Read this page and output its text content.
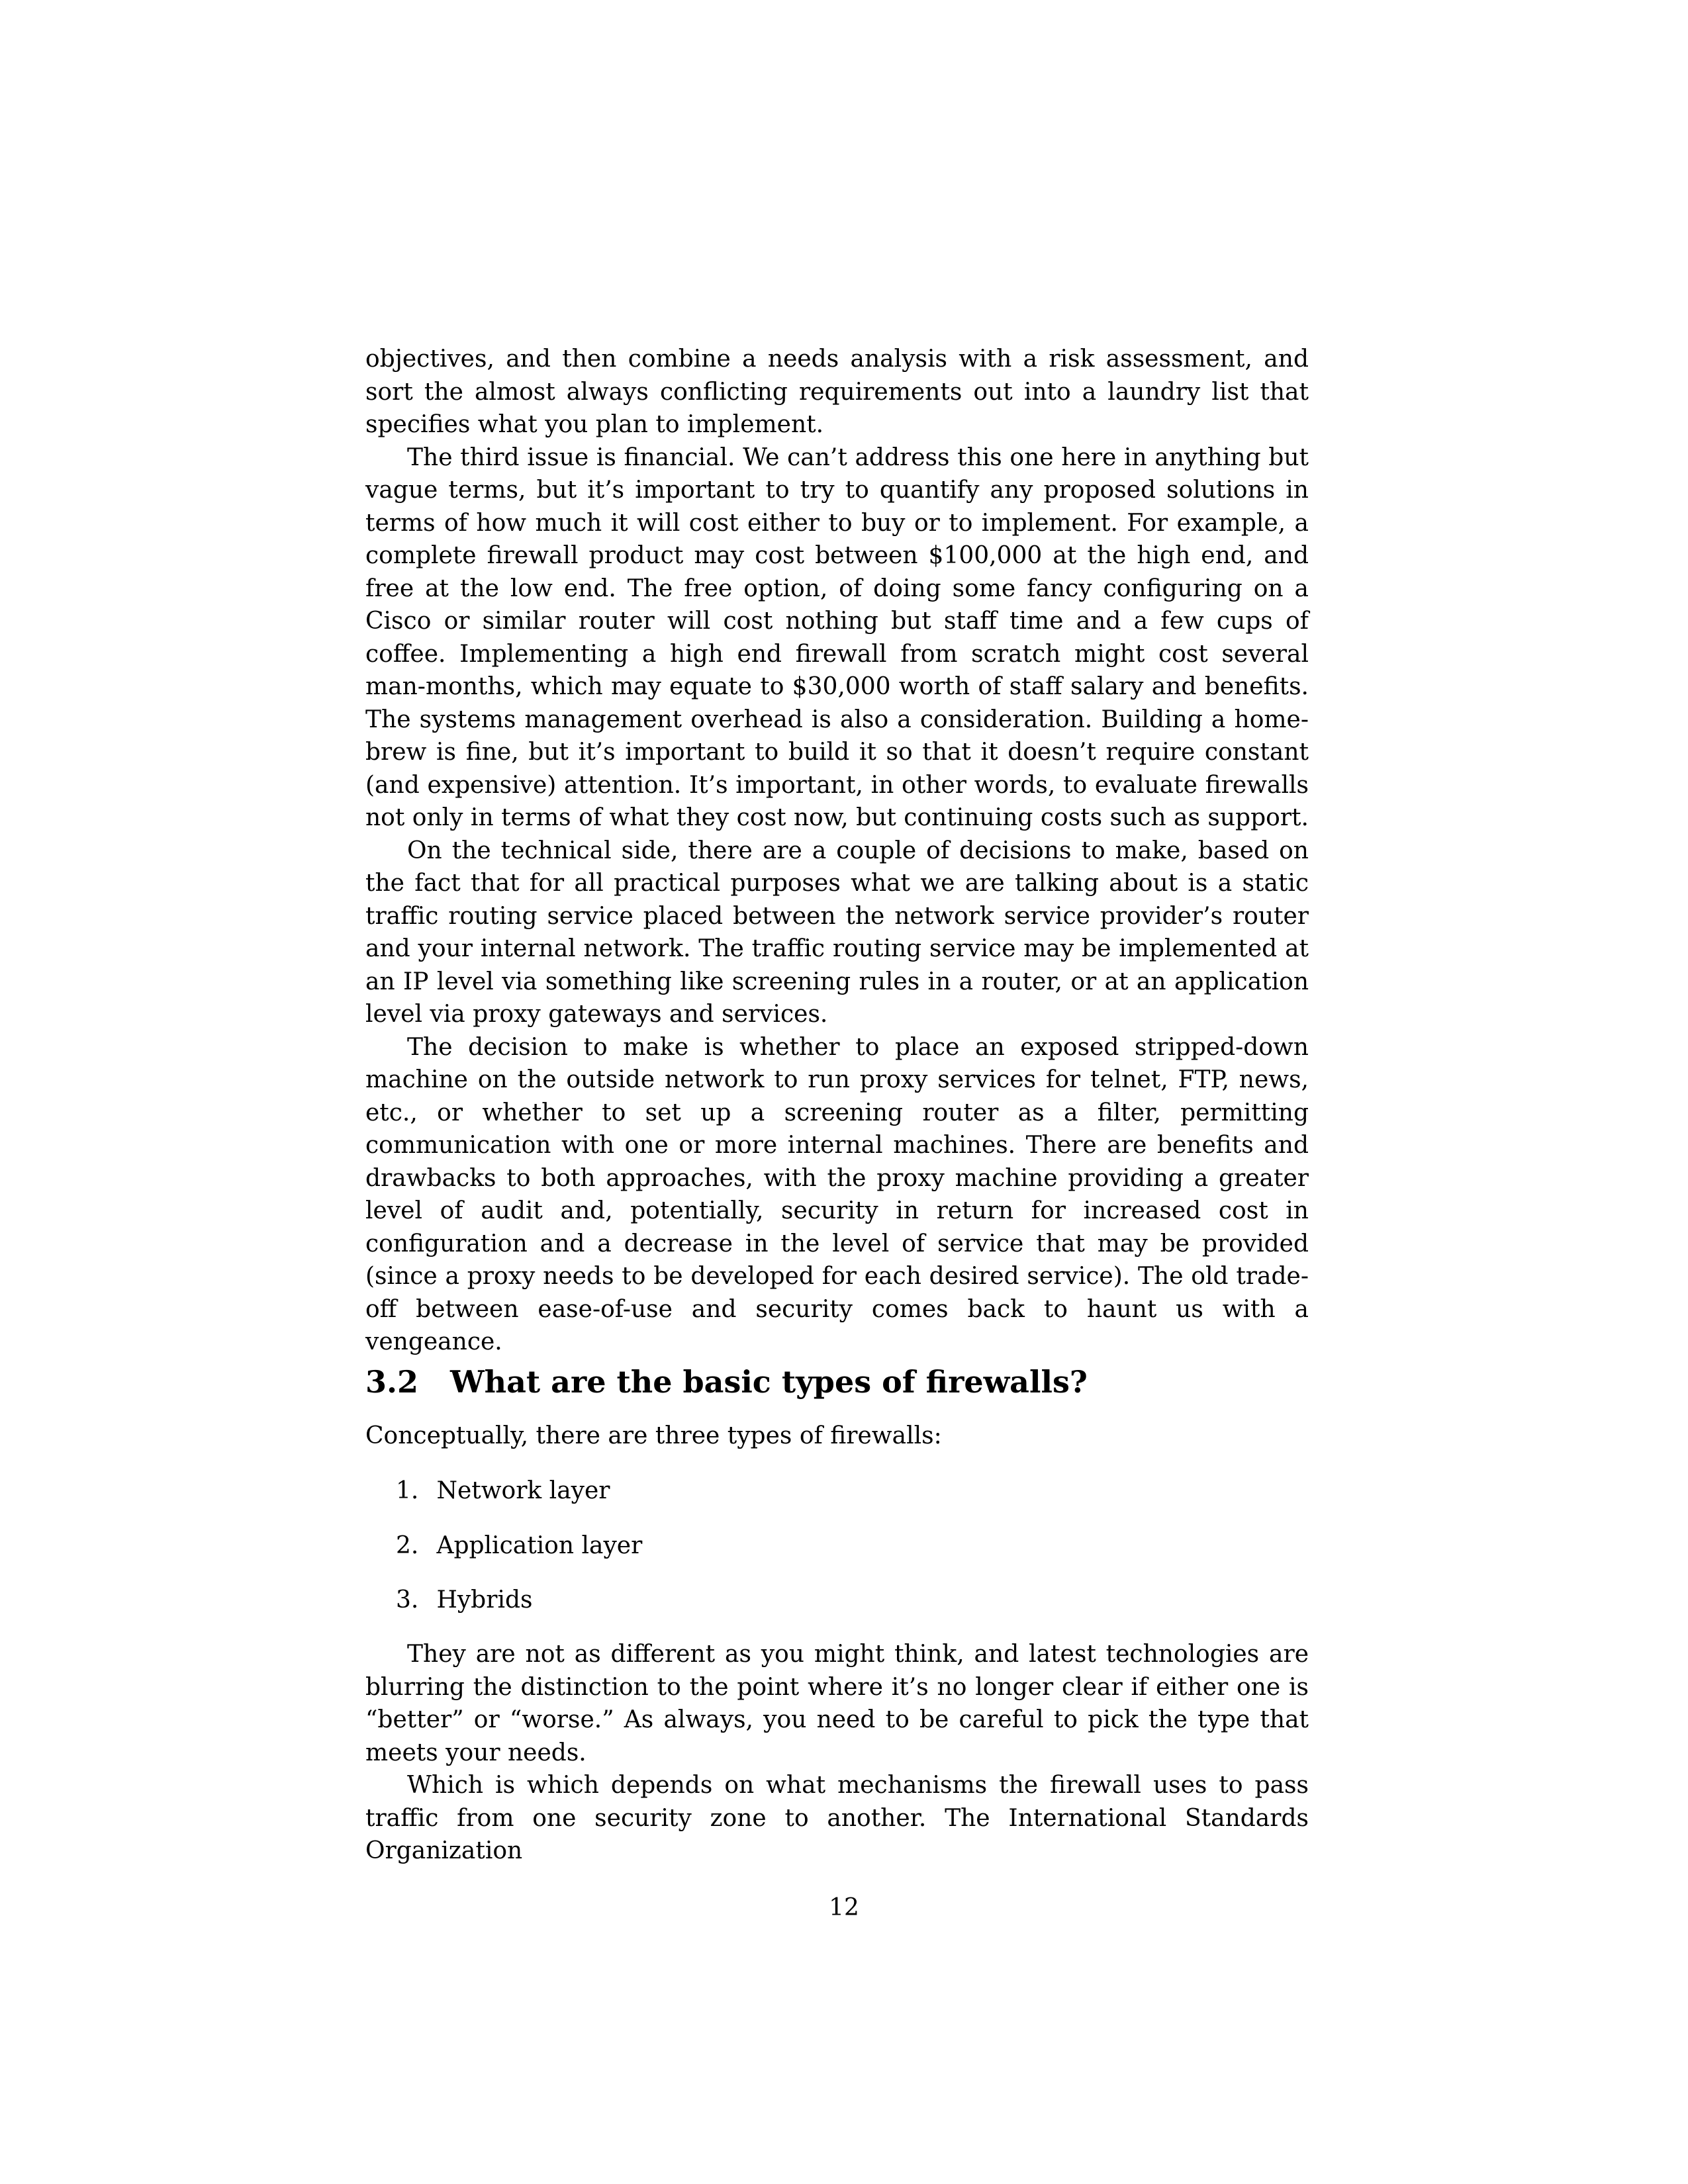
objectives, and then combine a needs analysis with a risk assessment, and sort the almost always conflicting requirements out into a laundry list that specifies what you plan to implement.

The third issue is financial. We can’t address this one here in anything but vague terms, but it’s important to try to quantify any proposed solutions in terms of how much it will cost either to buy or to implement. For example, a complete firewall product may cost between $100,000 at the high end, and free at the low end. The free option, of doing some fancy configuring on a Cisco or similar router will cost nothing but staff time and a few cups of coffee. Implementing a high end firewall from scratch might cost several man-months, which may equate to $30,000 worth of staff salary and benefits. The systems management overhead is also a consideration. Building a home-brew is fine, but it’s important to build it so that it doesn’t require constant (and expensive) attention. It’s important, in other words, to evaluate firewalls not only in terms of what they cost now, but continuing costs such as support.

On the technical side, there are a couple of decisions to make, based on the fact that for all practical purposes what we are talking about is a static traffic routing service placed between the network service provider’s router and your internal network. The traffic routing service may be implemented at an IP level via something like screening rules in a router, or at an application level via proxy gateways and services.

The decision to make is whether to place an exposed stripped-down machine on the outside network to run proxy services for telnet, FTP, news, etc., or whether to set up a screening router as a filter, permitting communication with one or more internal machines. There are benefits and drawbacks to both approaches, with the proxy machine providing a greater level of audit and, potentially, security in return for increased cost in configuration and a decrease in the level of service that may be provided (since a proxy needs to be developed for each desired service). The old trade-off between ease-of-use and security comes back to haunt us with a vengeance.

3.2 What are the basic types of firewalls?

Conceptually, there are three types of firewalls:

1. Network layer
2. Application layer
3. Hybrids

They are not as different as you might think, and latest technologies are blurring the distinction to the point where it’s no longer clear if either one is “better” or “worse.” As always, you need to be careful to pick the type that meets your needs.

Which is which depends on what mechanisms the firewall uses to pass traffic from one security zone to another. The International Standards Organization

12
